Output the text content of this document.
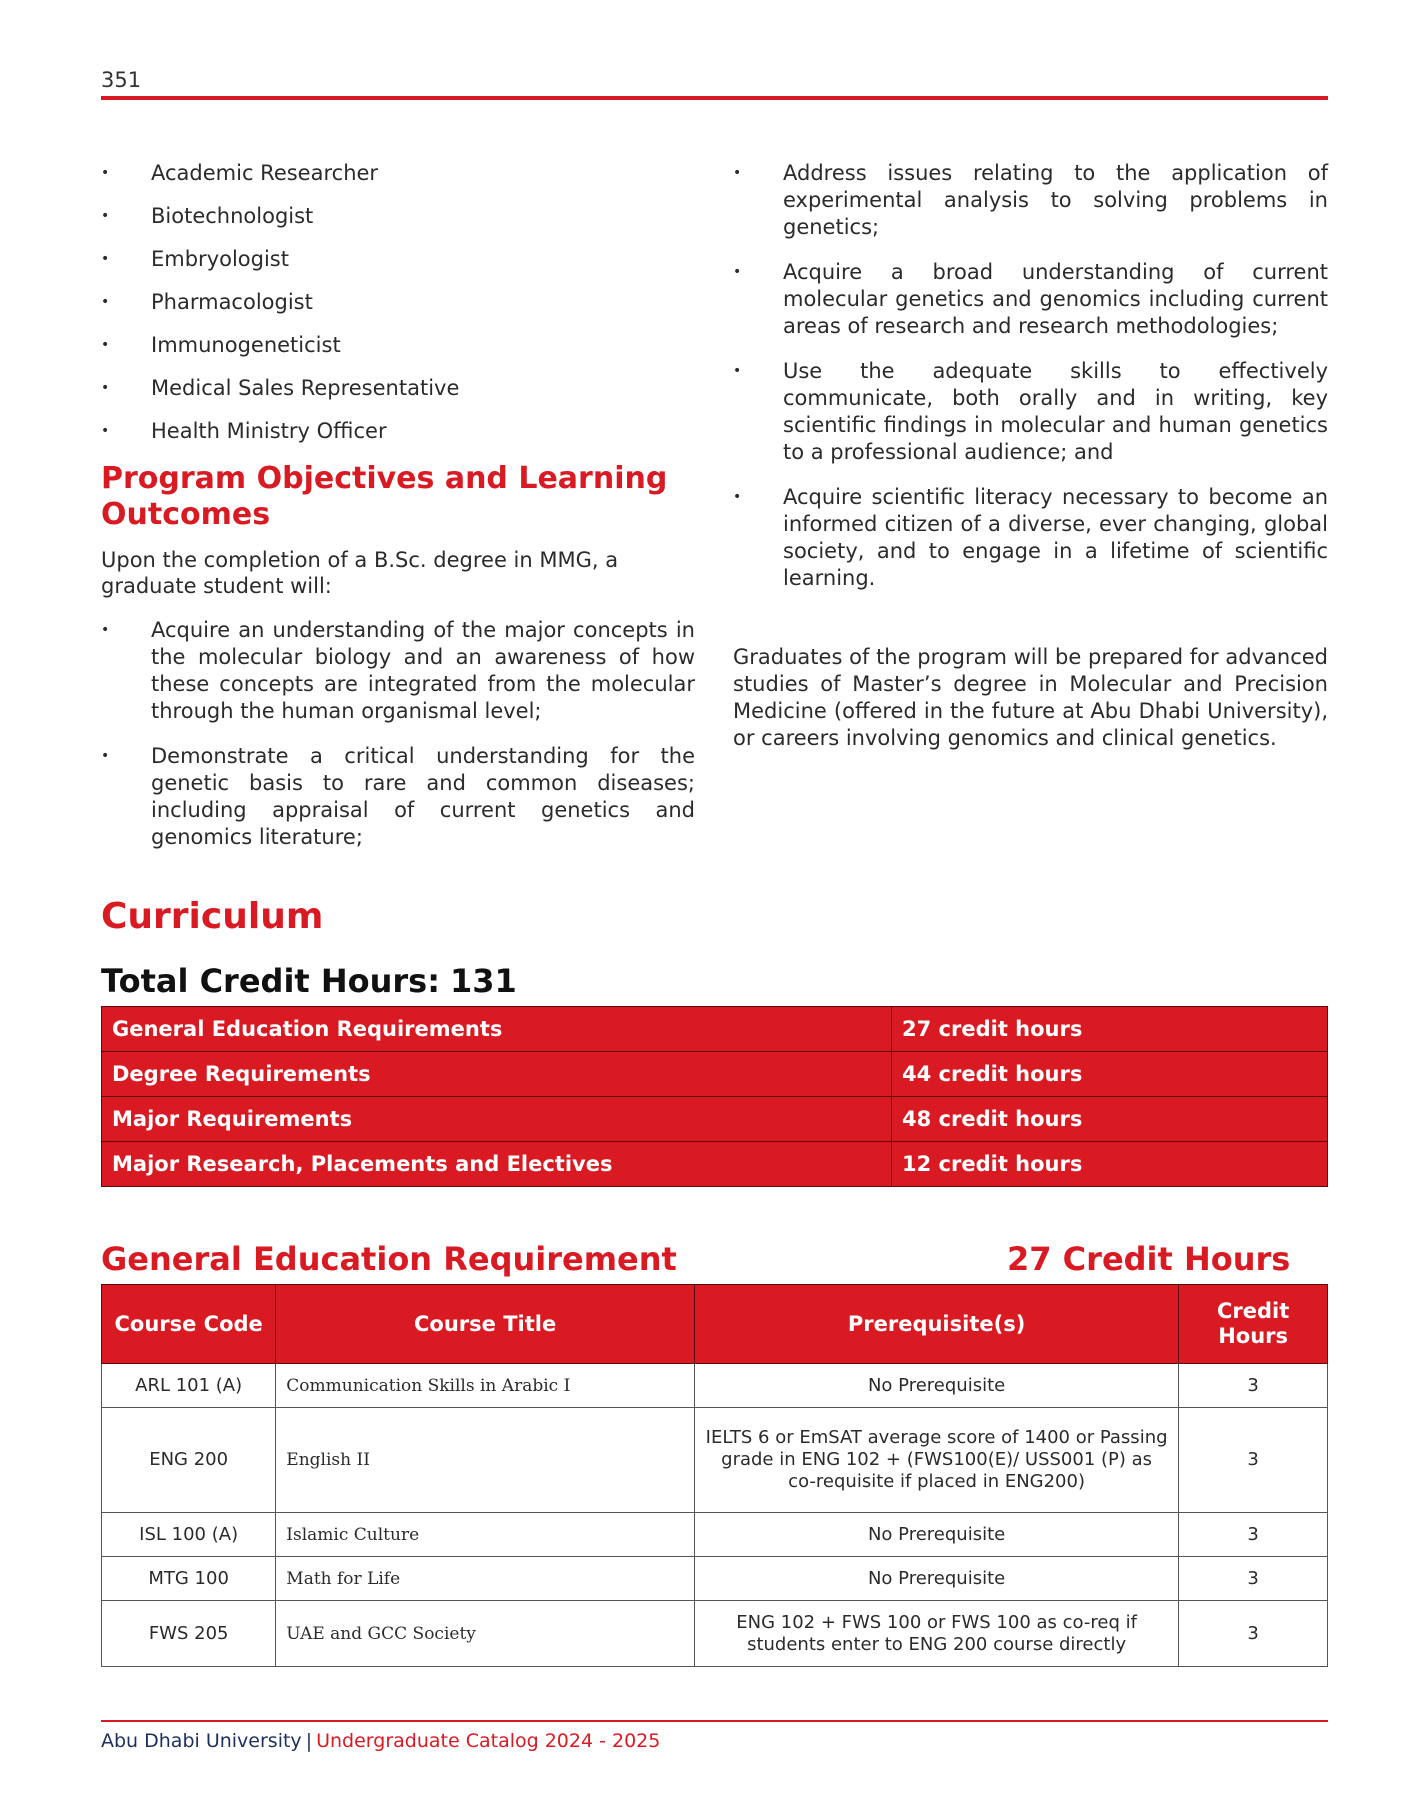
351
• Academic Researcher
• Biotechnologist
• Embryologist
• Pharmacologist
• Immunogeneticist
• Medical Sales Representative
• Health Ministry Officer
Program Objectives and Learning Outcomes

Upon the completion of a B.Sc. degree in MMG, a graduate student will:

• Acquire an understanding of the major concepts in the molecular biology and an awareness of how these concepts are integrated from the molecular through the human organismal level;
• Demonstrate a critical understanding for the genetic basis to rare and common diseases; including appraisal of current genetics and genomics literature;
• Address issues relating to the application of experimental analysis to solving problems in genetics;
• Acquire a broad understanding of current molecular genetics and genomics including current areas of research and research methodologies;
• Use the adequate skills to effectively communicate, both orally and in writing, key scientific findings in molecular and human genetics to a professional audience; and
• Acquire scientific literacy necessary to become an informed citizen of a diverse, ever changing, global society, and to engage in a lifetime of scientific learning.

Graduates of the program will be prepared for advanced studies of Master’s degree in Molecular and Precision Medicine (offered in the future at Abu Dhabi University), or careers involving genomics and clinical genetics.

Curriculum
Total Credit Hours: 131
General Education Requirements	27 credit hours
Degree Requirements	44 credit hours
Major Requirements	48 credit hours
Major Research, Placements and Electives	12 credit hours
General Education Requirement	27 Credit Hours
Course Code	Course Title	Prerequisite(s)	Credit Hours
ARL 101 (A)	Communication Skills in Arabic I	No Prerequisite	3
ENG 200	English II	IELTS 6 or EmSAT average score of 1400 or Passing grade in ENG 102 + (FWS100(E)/ USS001 (P) as co-requisite if placed in ENG200)	3
ISL 100 (A)	Islamic Culture	No Prerequisite	3
MTG 100	Math for Life	No Prerequisite	3
FWS 205	UAE and GCC Society	ENG 102 + FWS 100 or FWS 100 as co-req if students enter to ENG 200 course directly	3
Abu Dhabi University | Undergraduate Catalog 2024 - 2025
